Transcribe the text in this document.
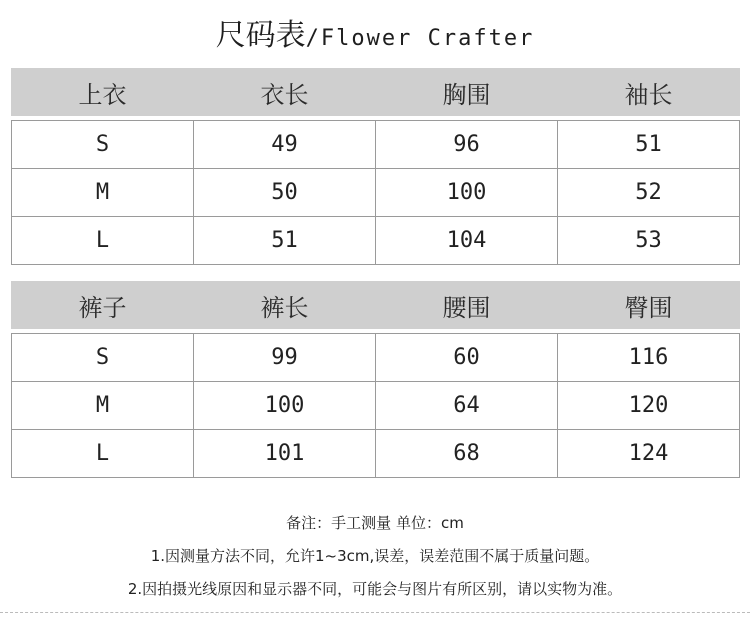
尺码表/Flower Crafter
上衣	衣长	胸围	袖长

S	49	96	51
M	50	100	52
L	51	104	53
裤子	裤长	腰围	臀围

S	99	60	116
M	100	64	120
L	101	68	124
备注：手工测量 单位：cm
1.因测量方法不同，允许1~3cm,误差，误差范围不属于质量问题。
2.因拍摄光线原因和显示器不同，可能会与图片有所区别，请以实物为准。
